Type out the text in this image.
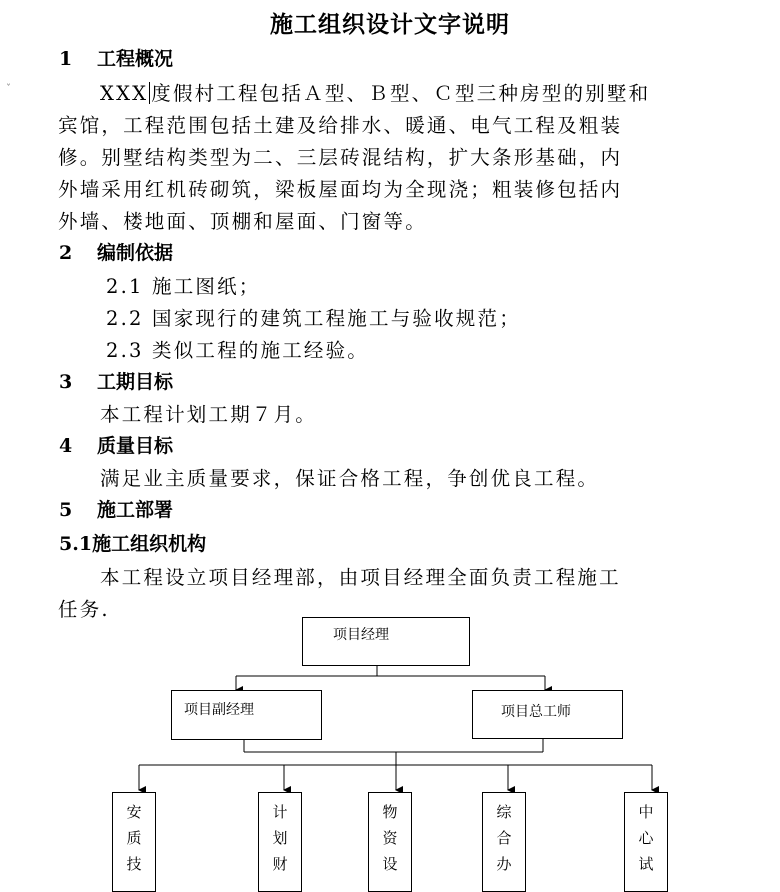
ˇ
施工组织设计文字说明
1 工程概况
XXX 度假村工程包括Ａ型、Ｂ型、Ｃ型三种房型的别墅和
宾馆，工程范围包括土建及给排水、暖通、电气工程及粗装
修。别墅结构类型为二、三层砖混结构，扩大条形基础，内
外墙采用红机砖砌筑，梁板屋面均为全现浇；粗装修包括内
外墙、楼地面、顶棚和屋面、门窗等。
2 编制依据
2.1 施工图纸；
2.2 国家现行的建筑工程施工与验收规范；
2.3 类似工程的施工经验。
3 工期目标
本工程计划工期７月。
4 质量目标
满足业主质量要求，保证合格工程，争创优良工程。
5 施工部署
5.1施工组织机构
本工程设立项目经理部，由项目经理全面负责工程施工
任务.
项目经理
项目副经理	项目总工师
安
质
技
计
划
财
物
资
设
综
合
办
中
心
试
